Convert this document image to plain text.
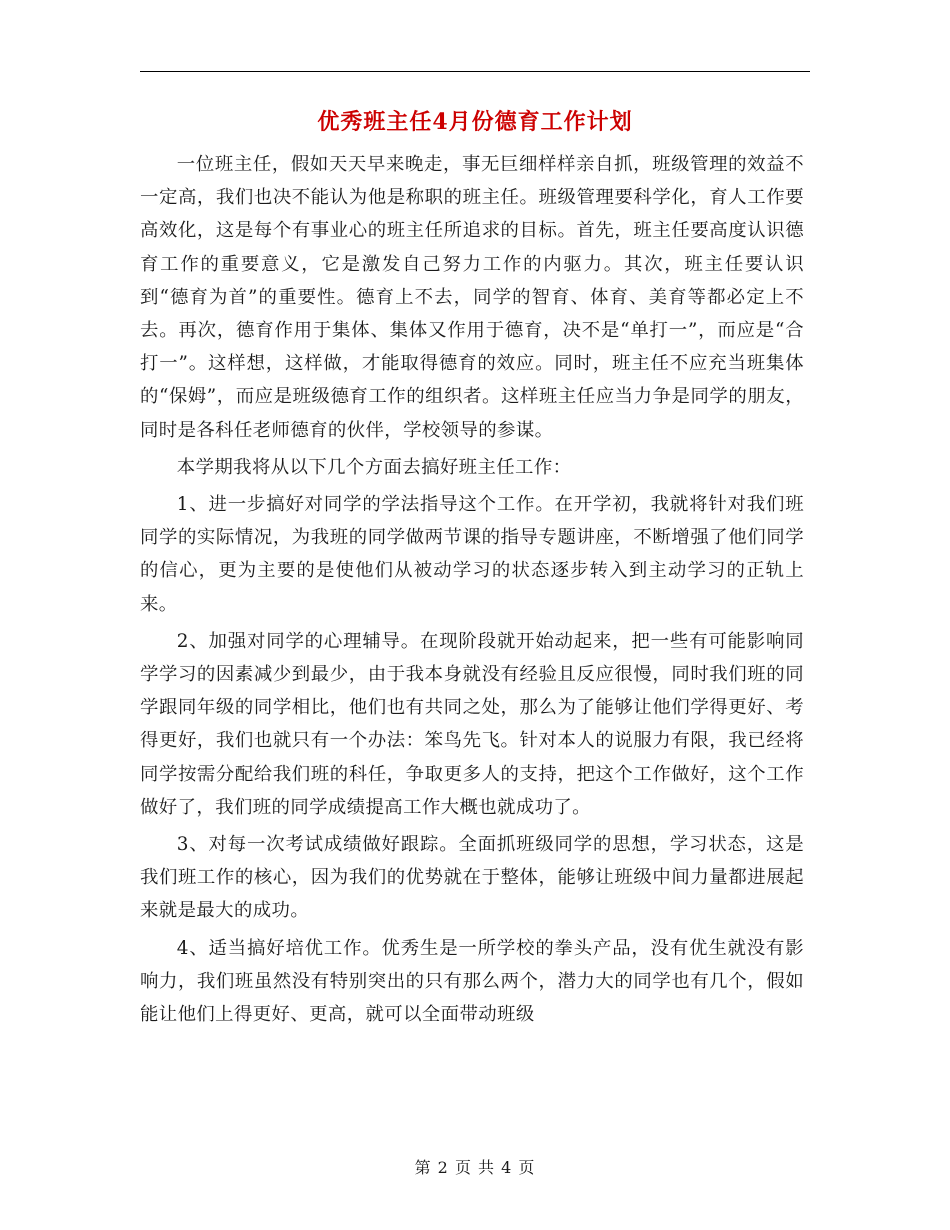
优秀班主任4月份德育工作计划

一位班主任，假如天天早来晚走，事无巨细样样亲自抓，班级管理的效益不一定高，我们也决不能认为他是称职的班主任。班级管理要科学化，育人工作要高效化，这是每个有事业心的班主任所追求的目标。首先，班主任要高度认识德育工作的重要意义，它是激发自己努力工作的内驱力。其次，班主任要认识到“德育为首”的重要性。德育上不去，同学的智育、体育、美育等都必定上不去。再次，德育作用于集体、集体又作用于德育，决不是“单打一”，而应是“合打一”。这样想，这样做，才能取得德育的效应。同时，班主任不应充当班集体的“保姆”，而应是班级德育工作的组织者。这样班主任应当力争是同学的朋友，同时是各科任老师德育的伙伴，学校领导的参谋。

本学期我将从以下几个方面去搞好班主任工作：

1、进一步搞好对同学的学法指导这个工作。在开学初，我就将针对我们班同学的实际情况，为我班的同学做两节课的指导专题讲座，不断增强了他们同学的信心，更为主要的是使他们从被动学习的状态逐步转入到主动学习的正轨上来。

2、加强对同学的心理辅导。在现阶段就开始动起来，把一些有可能影响同学学习的因素减少到最少，由于我本身就没有经验且反应很慢，同时我们班的同学跟同年级的同学相比，他们也有共同之处，那么为了能够让他们学得更好、考得更好，我们也就只有一个办法：笨鸟先飞。针对本人的说服力有限，我已经将同学按需分配给我们班的科任，争取更多人的支持，把这个工作做好，这个工作做好了，我们班的同学成绩提高工作大概也就成功了。

3、对每一次考试成绩做好跟踪。全面抓班级同学的思想，学习状态，这是我们班工作的核心，因为我们的优势就在于整体，能够让班级中间力量都进展起来就是最大的成功。

4、适当搞好培优工作。优秀生是一所学校的拳头产品，没有优生就没有影响力，我们班虽然没有特别突出的只有那么两个，潜力大的同学也有几个，假如能让他们上得更好、更高，就可以全面带动班级

第 2 页 共 4 页
